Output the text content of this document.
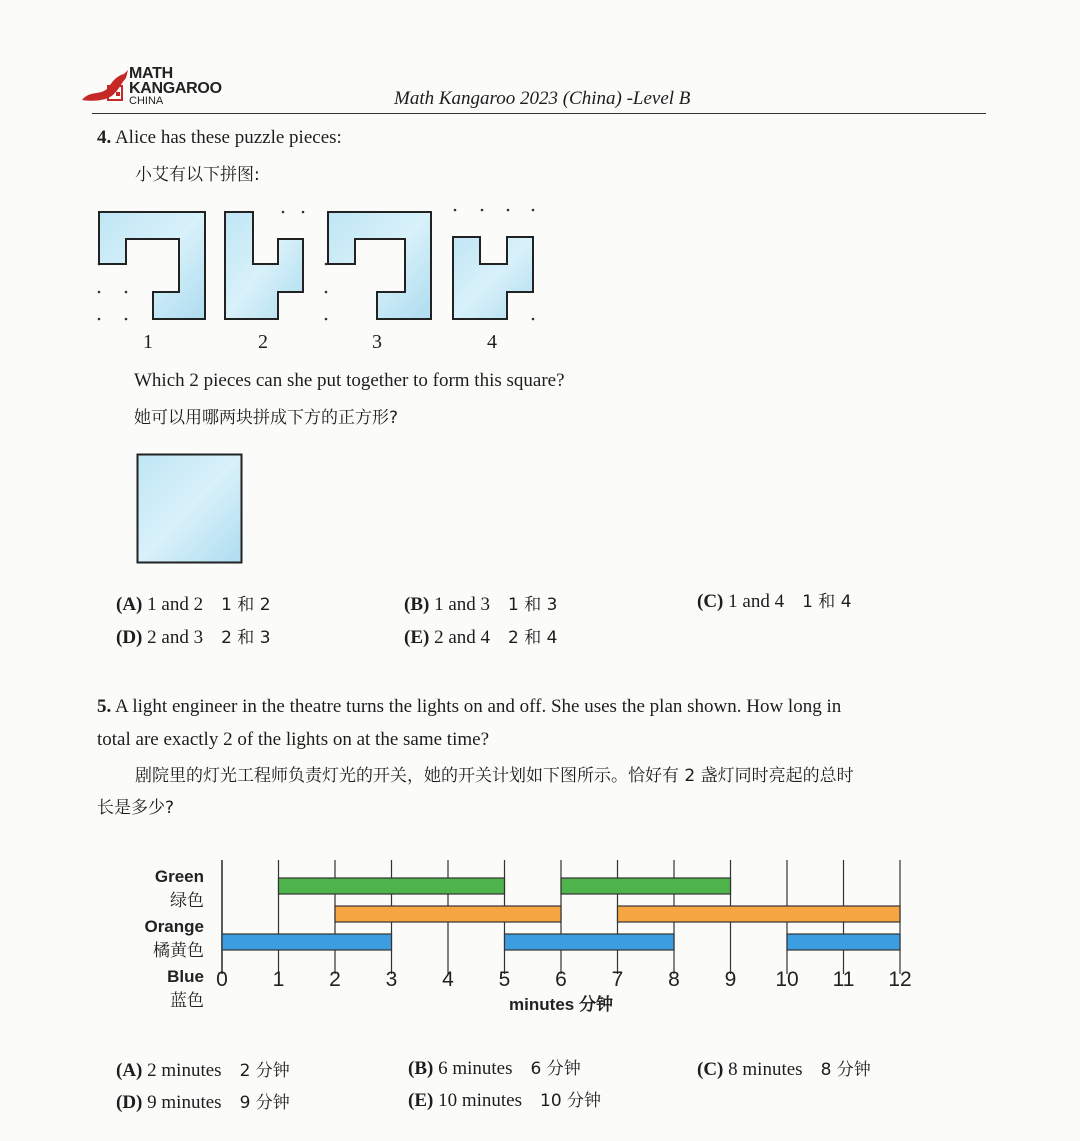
MATH
KANGAROO
CHINA	Math Kangaroo 2023 (China) -Level B
4. Alice has these puzzle pieces:
小艾有以下拼图:
1	2	3	4
Which 2 pieces can she put together to form this square?
她可以用哪两块拼成下方的正方形?
(A) 1 and 2 1 和 2	(B) 1 and 3 1 和 3	(C) 1 and 4 1 和 4
(D) 2 and 3 2 和 3	(E) 2 and 4 2 和 4
5. A light engineer in the theatre turns the lights on and off. She uses the plan shown. How long in
total are exactly 2 of the lights on at the same time?
剧院里的灯光工程师负责灯光的开关，她的开关计划如下图所示。恰好有 2 盏灯同时亮起的总时
长是多少?
0 1 2 3 4 5 6 7 8 9 10 11 12
Green
绿色
Orange
橘黄色
Blue
蓝色	minutes 分钟
(A) 2 minutes 2 分钟	(B) 6 minutes 6 分钟	(C) 8 minutes 8 分钟
(D) 9 minutes 9 分钟	(E) 10 minutes 10 分钟
